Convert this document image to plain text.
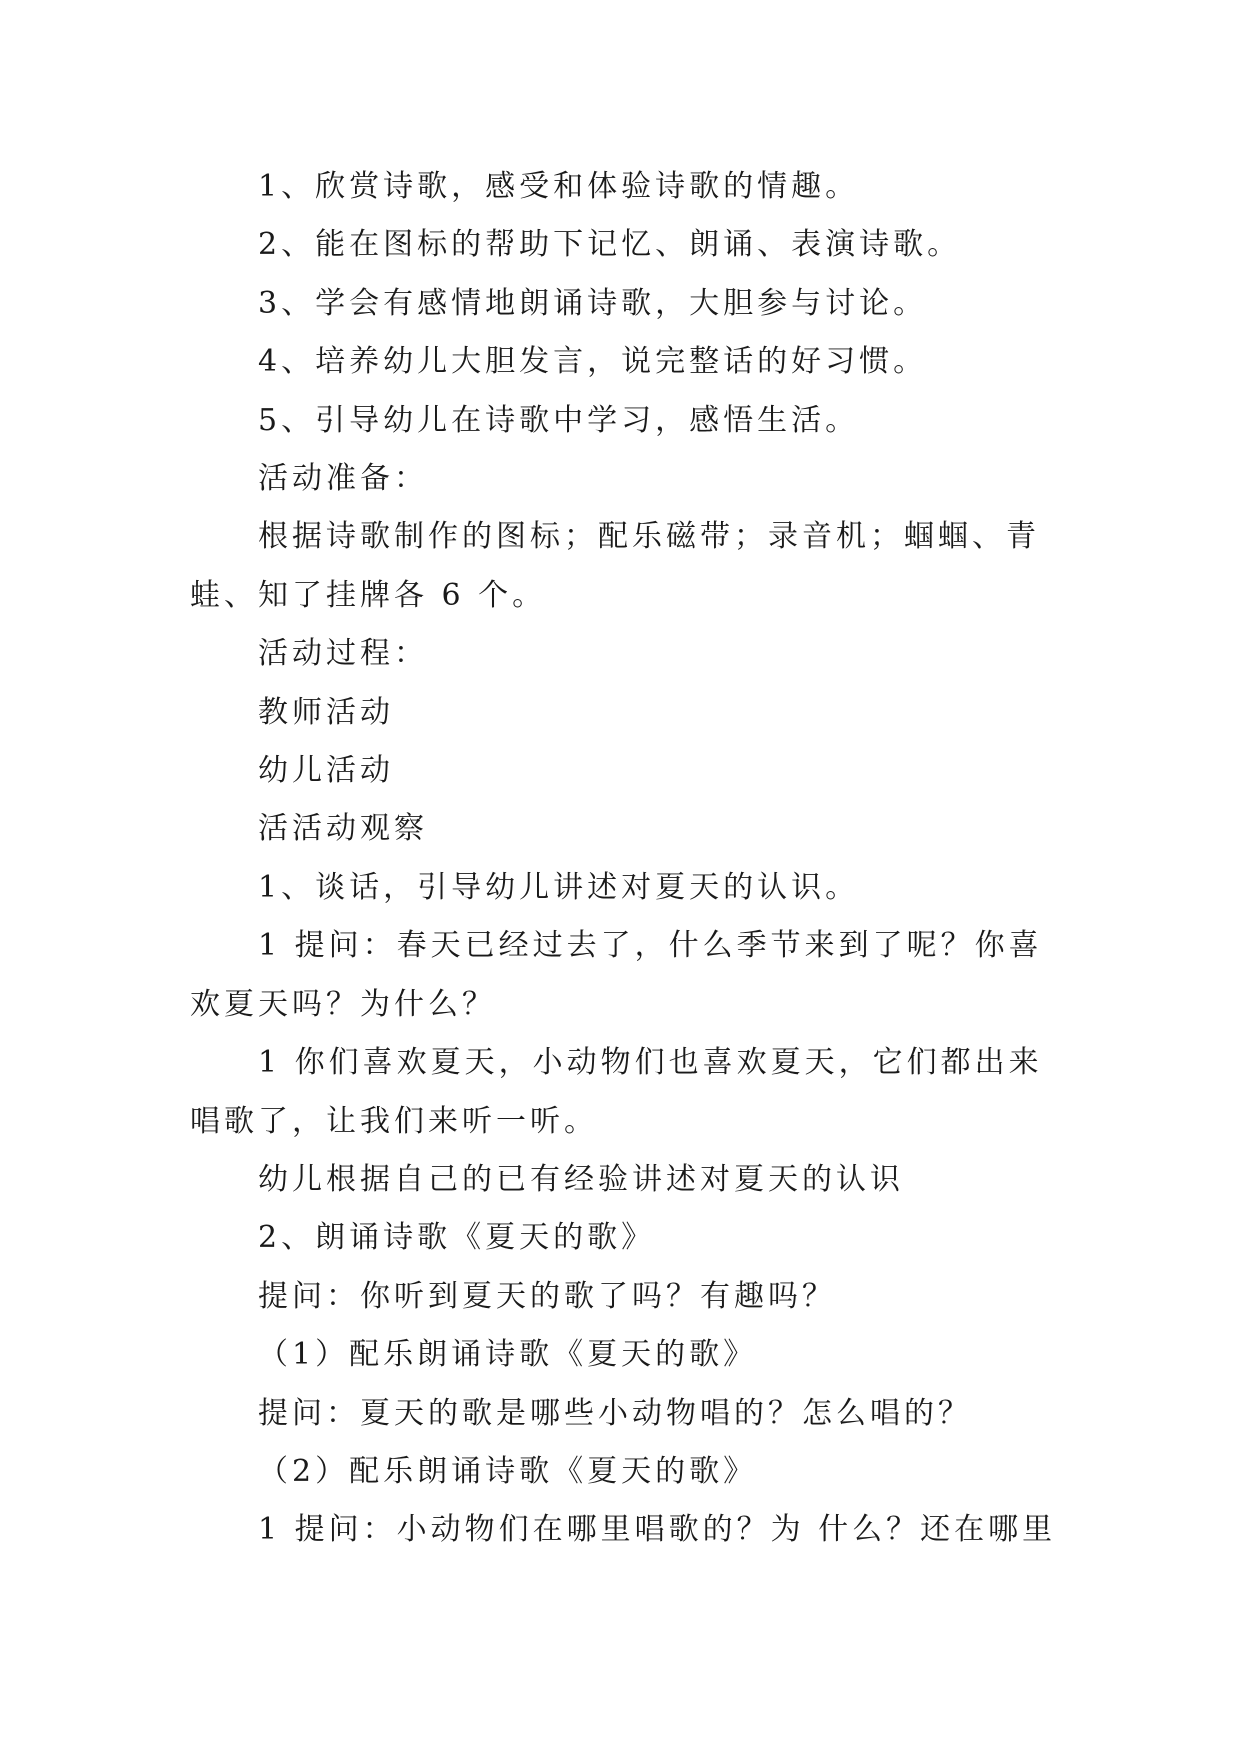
1、欣赏诗歌，感受和体验诗歌的情趣。

2、能在图标的帮助下记忆、朗诵、表演诗歌。

3、学会有感情地朗诵诗歌，大胆参与讨论。

4、培养幼儿大胆发言，说完整话的好习惯。

5、引导幼儿在诗歌中学习，感悟生活。

活动准备：

根据诗歌制作的图标；配乐磁带；录音机；蝈蝈、青蛙、知了挂牌各 6 个。

活动过程：

教师活动

幼儿活动

活活动观察

1、谈话，引导幼儿讲述对夏天的认识。

1 提问：春天已经过去了，什么季节来到了呢？你喜欢夏天吗？为什么？

1 你们喜欢夏天，小动物们也喜欢夏天，它们都出来唱歌了，让我们来听一听。

幼儿根据自己的已有经验讲述对夏天的认识

2、朗诵诗歌《夏天的歌》

提问：你听到夏天的歌了吗？有趣吗？

（1）配乐朗诵诗歌《夏天的歌》

提问：夏天的歌是哪些小动物唱的？怎么唱的？

（2）配乐朗诵诗歌《夏天的歌》

1 提问：小动物们在哪里唱歌的？为 什么？还在哪里
